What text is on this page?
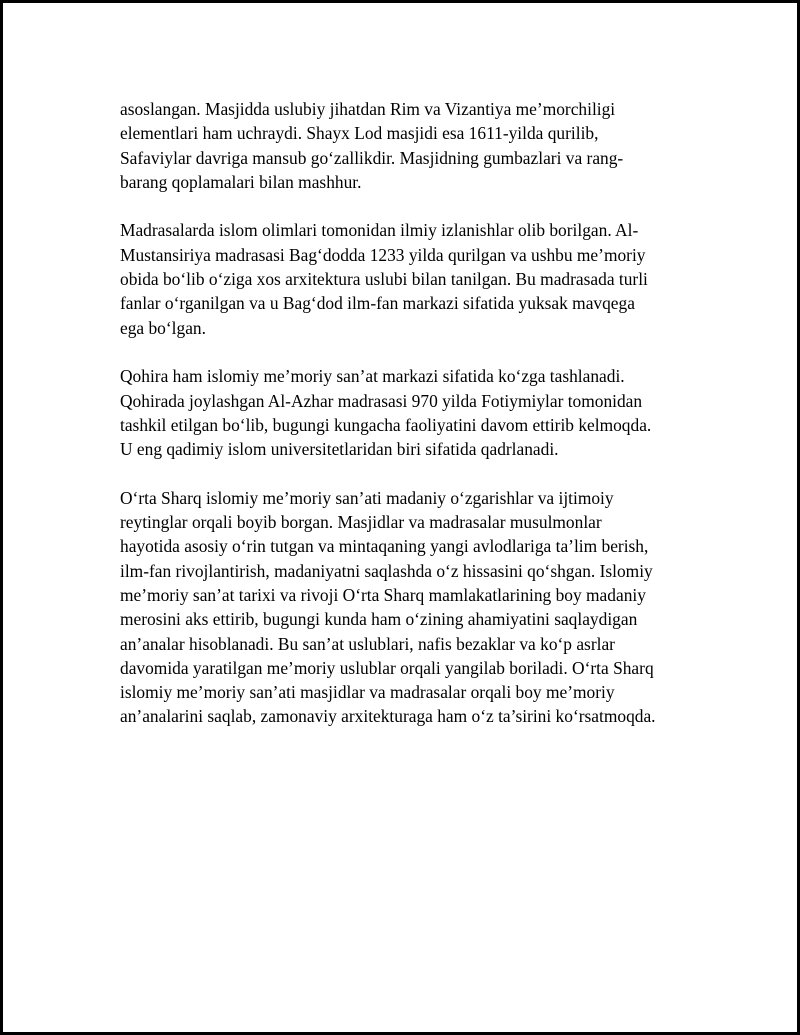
asoslangan. Masjidda uslubiy jihatdan Rim va Vizantiya me’morchiligi
elementlari ham uchraydi. Shayx Lod masjidi esa 1611-yilda qurilib,
Safaviylar davriga mansub go‘zallikdir. Masjidning gumbazlari va rang-
barang qoplamalari bilan mashhur.

Madrasalarda islom olimlari tomonidan ilmiy izlanishlar olib borilgan. Al-
Mustansiriya madrasasi Bag‘dodda 1233 yilda qurilgan va ushbu me’moriy
obida bo‘lib o‘ziga xos arxitektura uslubi bilan tanilgan. Bu madrasada turli
fanlar o‘rganilgan va u Bag‘dod ilm-fan markazi sifatida yuksak mavqega
ega bo‘lgan.

Qohira ham islomiy me’moriy san’at markazi sifatida ko‘zga tashlanadi.
Qohirada joylashgan Al-Azhar madrasasi 970 yilda Fotiymiylar tomonidan
tashkil etilgan bo‘lib, bugungi kungacha faoliyatini davom ettirib kelmoqda.
U eng qadimiy islom universitetlaridan biri sifatida qadrlanadi.

O‘rta Sharq islomiy me’moriy san’ati madaniy o‘zgarishlar va ijtimoiy
reytinglar orqali boyib borgan. Masjidlar va madrasalar musulmonlar
hayotida asosiy o‘rin tutgan va mintaqaning yangi avlodlariga ta’lim berish,
ilm-fan rivojlantirish, madaniyatni saqlashda o‘z hissasini qo‘shgan. Islomiy
me’moriy san’at tarixi va rivoji O‘rta Sharq mamlakatlarining boy madaniy
merosini aks ettirib, bugungi kunda ham o‘zining ahamiyatini saqlaydigan
an’analar hisoblanadi. Bu san’at uslublari, nafis bezaklar va ko‘p asrlar
davomida yaratilgan me’moriy uslublar orqali yangilab boriladi. O‘rta Sharq
islomiy me’moriy san’ati masjidlar va madrasalar orqali boy me’moriy
an’analarini saqlab, zamonaviy arxitekturaga ham o‘z ta’sirini ko‘rsatmoqda.
